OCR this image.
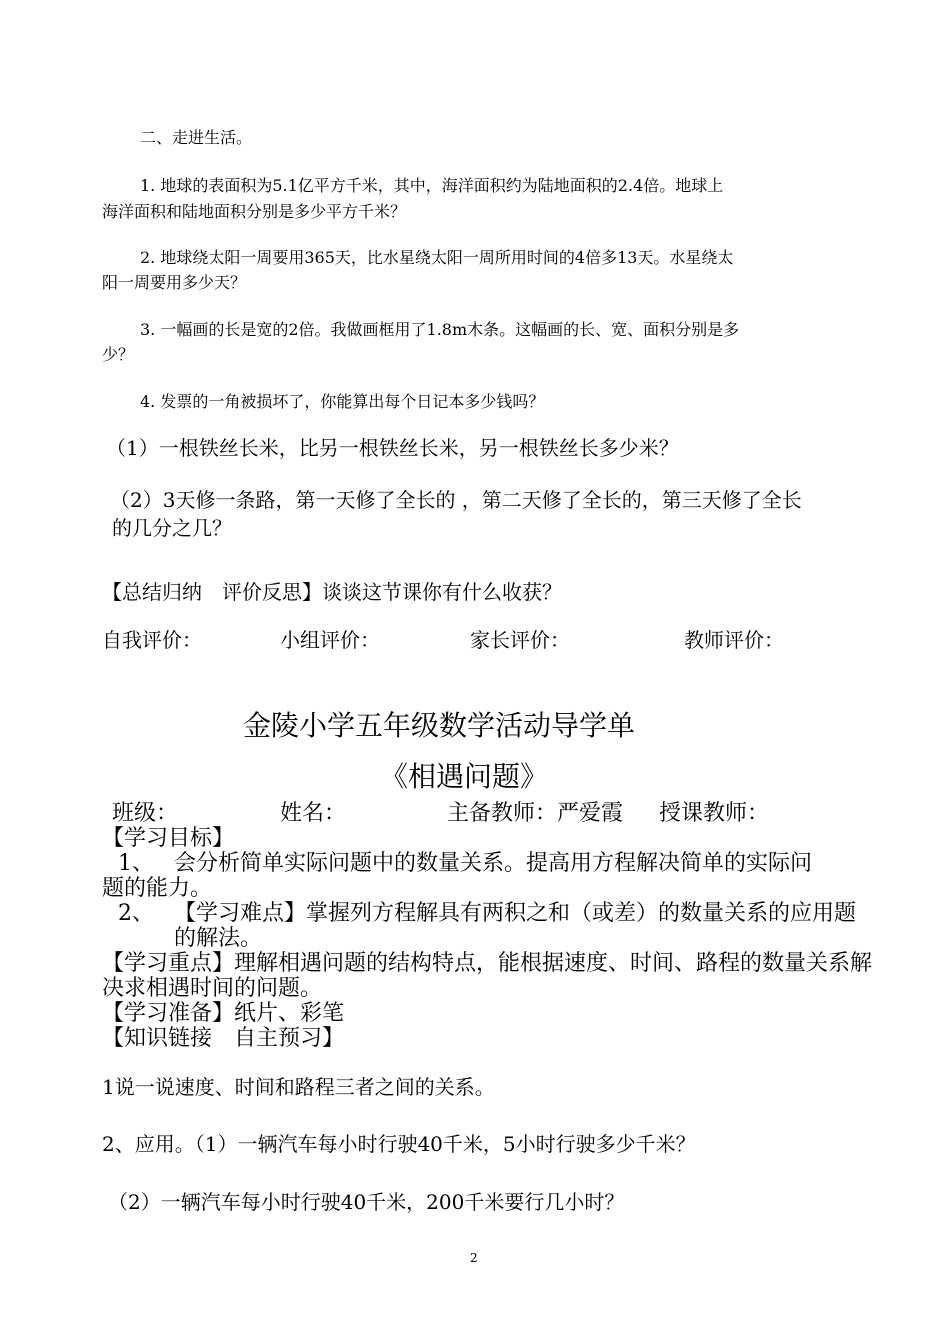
二、走进生活。
1. 地球的表面积为5.1亿平方千米，其中，海洋面积约为陆地面积的2.4倍。地球上
海洋面积和陆地面积分别是多少平方千米？
2. 地球绕太阳一周要用365天，比水星绕太阳一周所用时间的4倍多13天。水星绕太
阳一周要用多少天？
3. 一幅画的长是宽的2倍。我做画框用了1.8m木条。这幅画的长、宽、面积分别是多
少？
4. 发票的一角被损坏了，你能算出每个日记本多少钱吗？
（1）一根铁丝长米，比另一根铁丝长米，另一根铁丝长多少米？
（2）3天修一条路，第一天修了全长的 ，第二天修了全长的，第三天修了全长
的几分之几？
【总结归纳　评价反思】谈谈这节课你有什么收获？
自我评价：	小组评价：	家长评价：	教师评价：
金陵小学五年级数学活动导学单
《相遇问题》
班级：	姓名：	主备教师：严爱霞 授课教师：
【学习目标】
1、 会分析简单实际问题中的数量关系。提高用方程解决简单的实际问
题的能力。
2、 【学习难点】掌握列方程解具有两积之和（或差）的数量关系的应用题
的解法。
【学习重点】理解相遇问题的结构特点，能根据速度、时间、路程的数量关系解
决求相遇时间的问题。
【学习准备】纸片、彩笔
【知识链接　自主预习】
1说一说速度、时间和路程三者之间的关系。
2、应用。（1）一辆汽车每小时行驶40千米，5小时行驶多少千米？
（2）一辆汽车每小时行驶40千米，200千米要行几小时？
2
